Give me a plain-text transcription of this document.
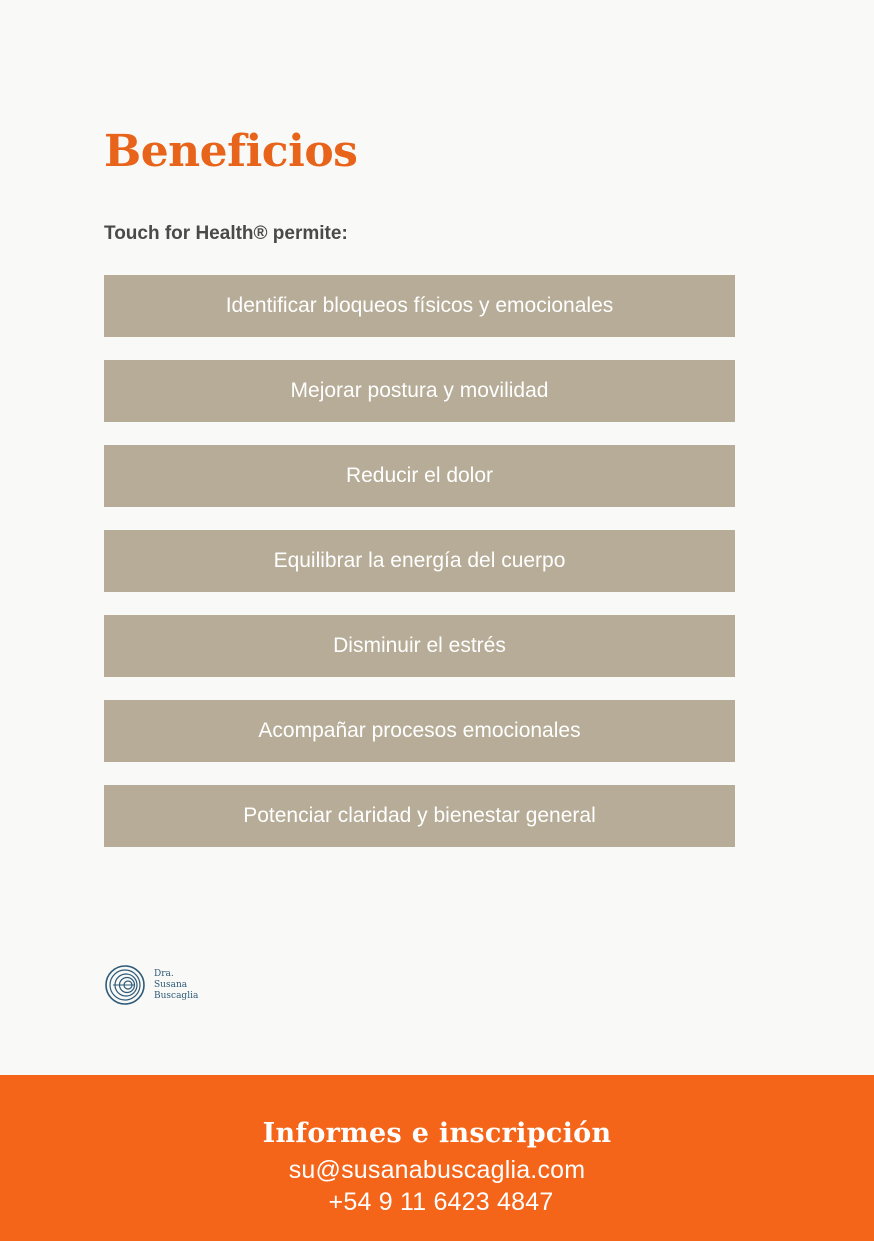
Beneficios

Touch for Health® permite:

Identificar bloqueos físicos y emocionales
Mejorar postura y movilidad
Reducir el dolor
Equilibrar la energía del cuerpo
Disminuir el estrés
Acompañar procesos emocionales
Potenciar claridad y bienestar general
Dra.
Susana
Buscaglia

Informes e inscripción

su@susanabuscaglia.com

+54 9 11 6423 4847
